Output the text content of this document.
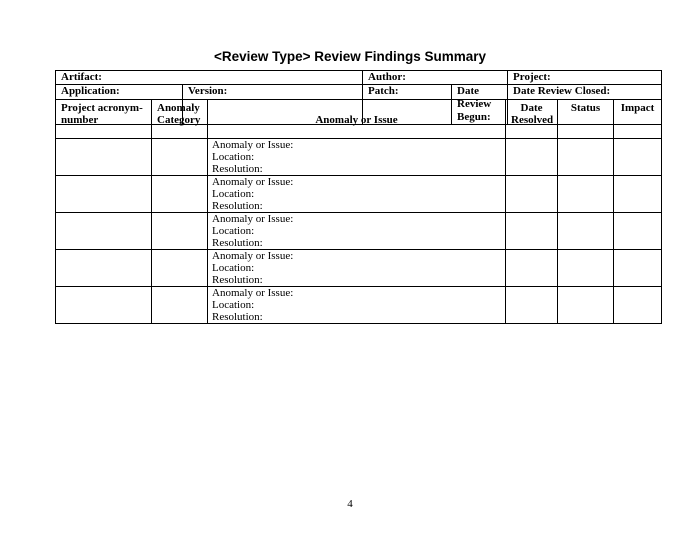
<Review Type> Review Findings Summary
Artifact:		Author:		Project:
Application:	Version:	Patch:	Date Review Begun:	Date Review Closed:
Project acronym-number	Anomaly Category	Anomaly or Issue	Date Resolved	Status	Impact

		Anomaly or Issue:
Location:
Resolution:			

		Anomaly or Issue:
Location:
Resolution:			

		Anomaly or Issue:
Location:
Resolution:			

		Anomaly or Issue:
Location:
Resolution:			

		Anomaly or Issue:
Location:
Resolution:			

4
